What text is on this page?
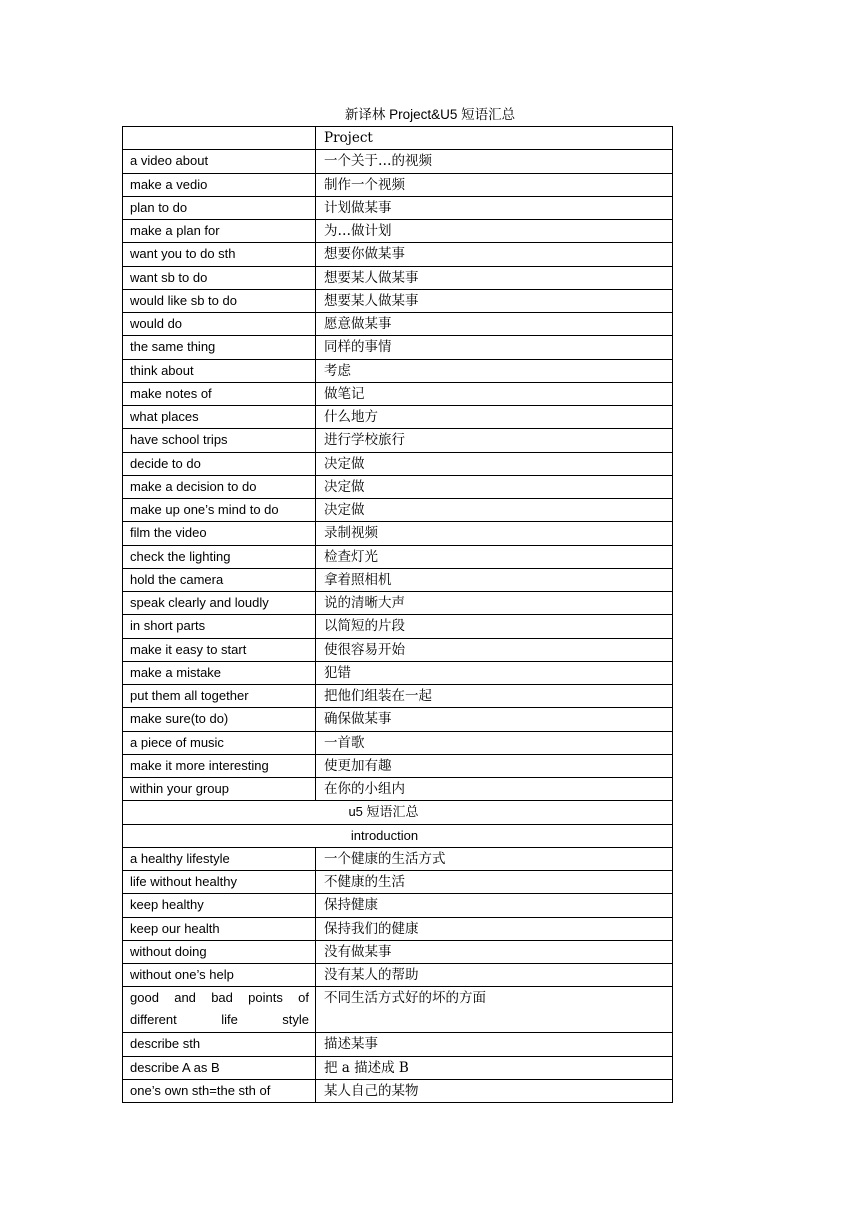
新译林 Project&U5 短语汇总
	Project
a video about	一个关于…的视频
make a vedio	制作一个视频
plan to do	计划做某事
make a plan for	为…做计划
want you to do sth	想要你做某事
want sb to do	想要某人做某事
would like sb to do	想要某人做某事
would do	愿意做某事
the same thing	同样的事情
think about	考虑
make notes of	做笔记
what places	什么地方
have school trips	进行学校旅行
decide to do	决定做
make a decision to do	决定做
make up one’s mind to do	决定做
film the video	录制视频
check the lighting	检查灯光
hold the camera	拿着照相机
speak clearly and loudly	说的清晰大声
in short parts	以简短的片段
make it easy to start	使很容易开始
make a mistake	犯错
put them all together	把他们组装在一起
make sure(to do)	确保做某事
a piece of music	一首歌
make it more interesting	使更加有趣
within your group	在你的小组内
u5 短语汇总	
introduction	
a healthy lifestyle	一个健康的生活方式
life without healthy	不健康的生活
keep healthy	保持健康
keep our health	保持我们的健康
without doing	没有做某事
without one’s help	没有某人的帮助
good and bad points of different life style	不同生活方式好的坏的方面
describe sth	描述某事
describe A as B	把 a 描述成 B
one’s own sth=the sth of	某人自己的某物
